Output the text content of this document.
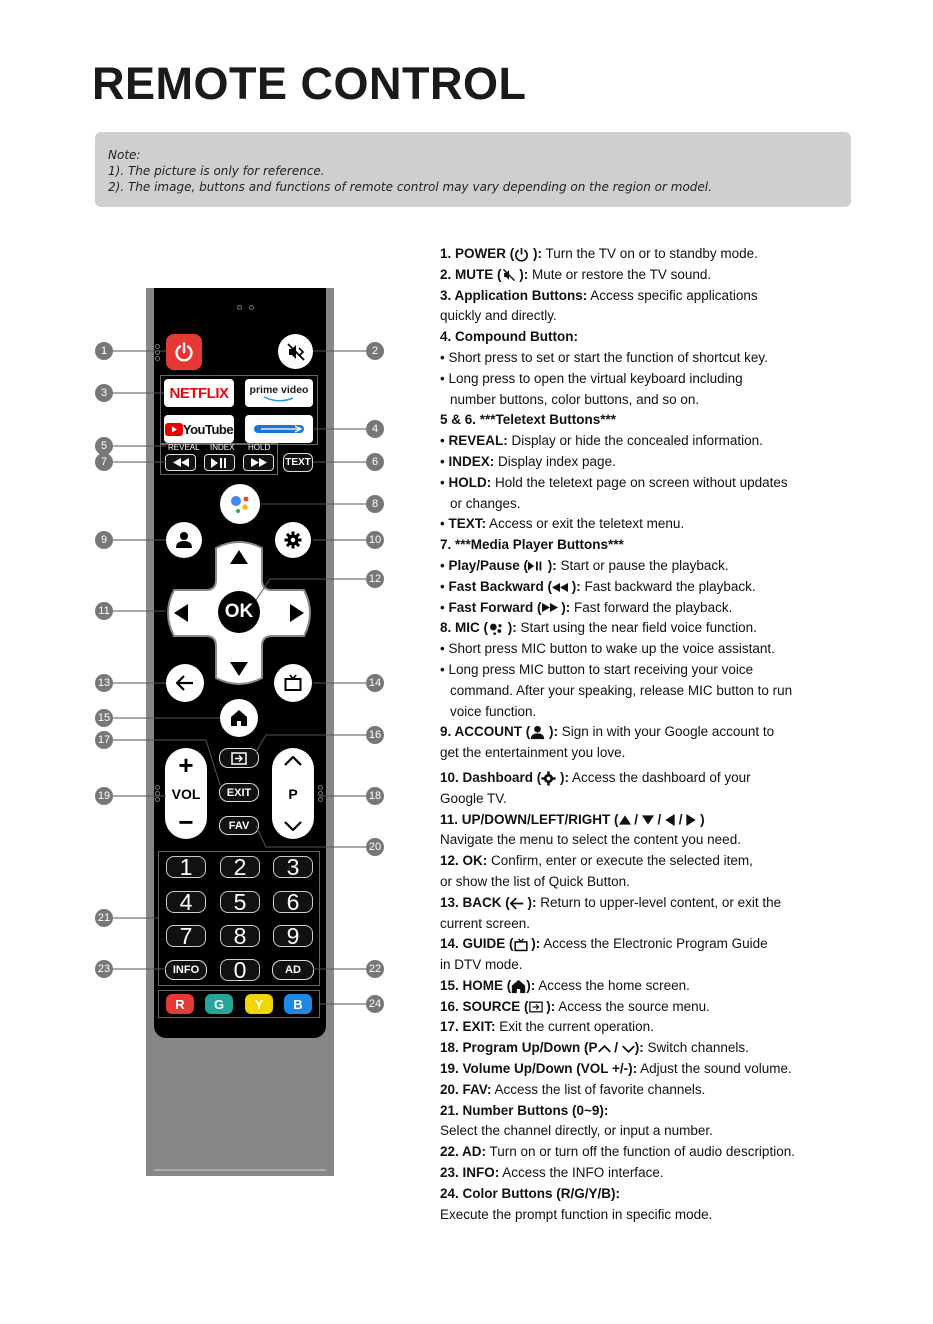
REMOTE CONTROL
Note:
1). The picture is only for reference.
2). The image, buttons and functions of remote control may vary depending on the region or model.
NETFLIX prime video
YouTube
REVEAL INDEX HOLD
TEXT
OK
+
VOL
−
P
EXIT
FAV
1 2 3
4 5 6
7 8 9
0
INFO	AD
R G Y B
1	2
3
4
5
6
7
8
9	10
11
12
13	14
15
16
17
18
19
20
21
22
23
24
1. POWER ( ): Turn the TV on or to standby mode.
2. MUTE ( ): Mute or restore the TV sound.
3. Application Buttons: Access specific applications
quickly and directly.
4. Compound Button:
• Short press to set or start the function of shortcut key.
• Long press to open the virtual keyboard including
number buttons, color buttons, and so on.
5 & 6. ***Teletext Buttons***
• REVEAL: Display or hide the concealed information.
• INDEX: Display index page.
• HOLD: Hold the teletext page on screen without updates
or changes.
• TEXT: Access or exit the teletext menu.
7. ***Media Player Buttons***
• Play/Pause ( ): Start or pause the playback.
• Fast Backward ( ): Fast backward the playback.
• Fast Forward ( ): Fast forward the playback.
8. MIC ( ): Start using the near field voice function.
• Short press MIC button to wake up the voice assistant.
• Long press MIC button to start receiving your voice
command. After your speaking, release MIC button to run
voice function.
9. ACCOUNT ( ): Sign in with your Google account to
get the entertainment you love.
10. Dashboard ( ): Access the dashboard of your
Google TV.
11. UP/DOWN/LEFT/RIGHT ( /  /  /  )
Navigate the menu to select the content you need.
12. OK: Confirm, enter or execute the selected item,
or show the list of Quick Button.
13. BACK ( ): Return to upper-level content, or exit the
current screen.
14. GUIDE ( ): Access the Electronic Program Guide
in DTV mode.
15. HOME ( ): Access the home screen.
16. SOURCE ( ): Access the source menu.
17. EXIT: Exit the current operation.
18. Program Up/Down (P / ): Switch channels.
19. Volume Up/Down (VOL +/-): Adjust the sound volume.
20. FAV: Access the list of favorite channels.
21. Number Buttons (0~9):
Select the channel directly, or input a number.
22. AD: Turn on or turn off the function of audio description.
23. INFO: Access the INFO interface.
24. Color Buttons (R/G/Y/B):
Execute the prompt function in specific mode.
